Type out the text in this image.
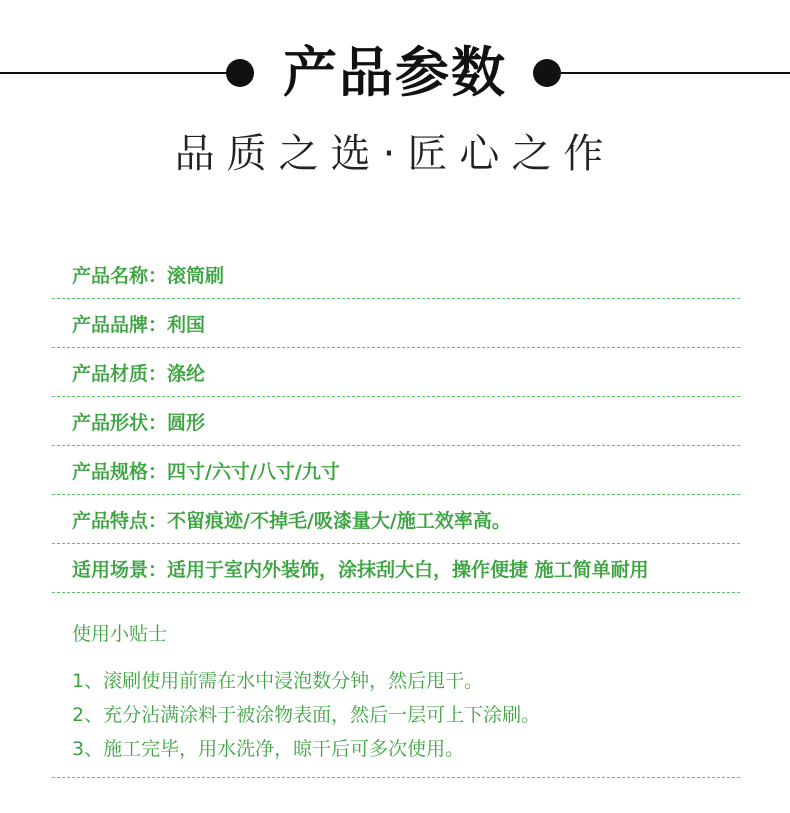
产品参数
品质之选·匠心之作
产品名称： 滚筒刷
产品品牌： 利国
产品材质： 涤纶
产品形状： 圆形
产品规格： 四寸/六寸/八寸/九寸
产品特点： 不留痕迹/不掉毛/吸漆量大/施工效率高。
适用场景： 适用于室内外装饰，涂抹刮大白，操作便捷 施工简单耐用
使用小贴士
1、滚刷使用前需在水中浸泡数分钟，然后甩干。
2、充分沾满涂料于被涂物表面，然后一层可上下涂刷。
3、施工完毕，用水洗净，晾干后可多次使用。
